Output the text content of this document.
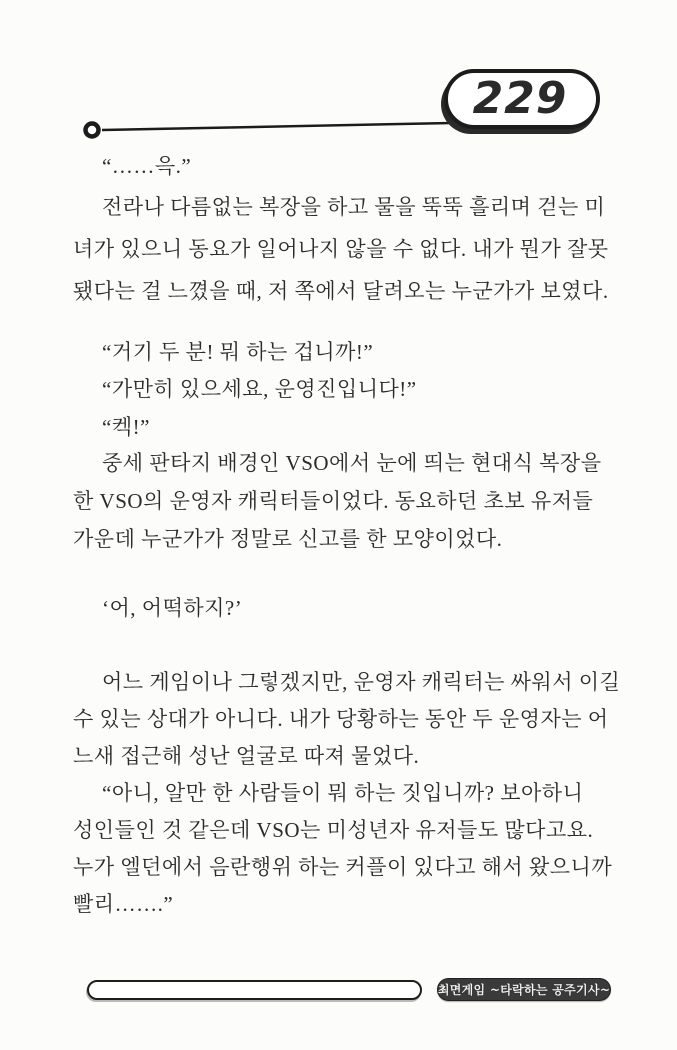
229
“……윽.”
전라나 다름없는 복장을 하고 물을 뚝뚝 흘리며 걷는 미
녀가 있으니 동요가 일어나지 않을 수 없다. 내가 뭔가 잘못
됐다는 걸 느꼈을 때, 저 쪽에서 달려오는 누군가가 보였다.
“거기 두 분! 뭐 하는 겁니까!”
“가만히 있으세요, 운영진입니다!”
“켁!”
중세 판타지 배경인 VSO에서 눈에 띄는 현대식 복장을
한 VSO의 운영자 캐릭터들이었다. 동요하던 초보 유저들
가운데 누군가가 정말로 신고를 한 모양이었다.
‘어, 어떡하지?’
어느 게임이나 그렇겠지만, 운영자 캐릭터는 싸워서 이길
수 있는 상대가 아니다. 내가 당황하는 동안 두 운영자는 어
느새 접근해 성난 얼굴로 따져 물었다.
“아니, 알만 한 사람들이 뭐 하는 짓입니까? 보아하니
성인들인 것 같은데 VSO는 미성년자 유저들도 많다고요.
누가 엘던에서 음란행위 하는 커플이 있다고 해서 왔으니까
빨리…….”
최면게임 ~타락하는 공주기사~
